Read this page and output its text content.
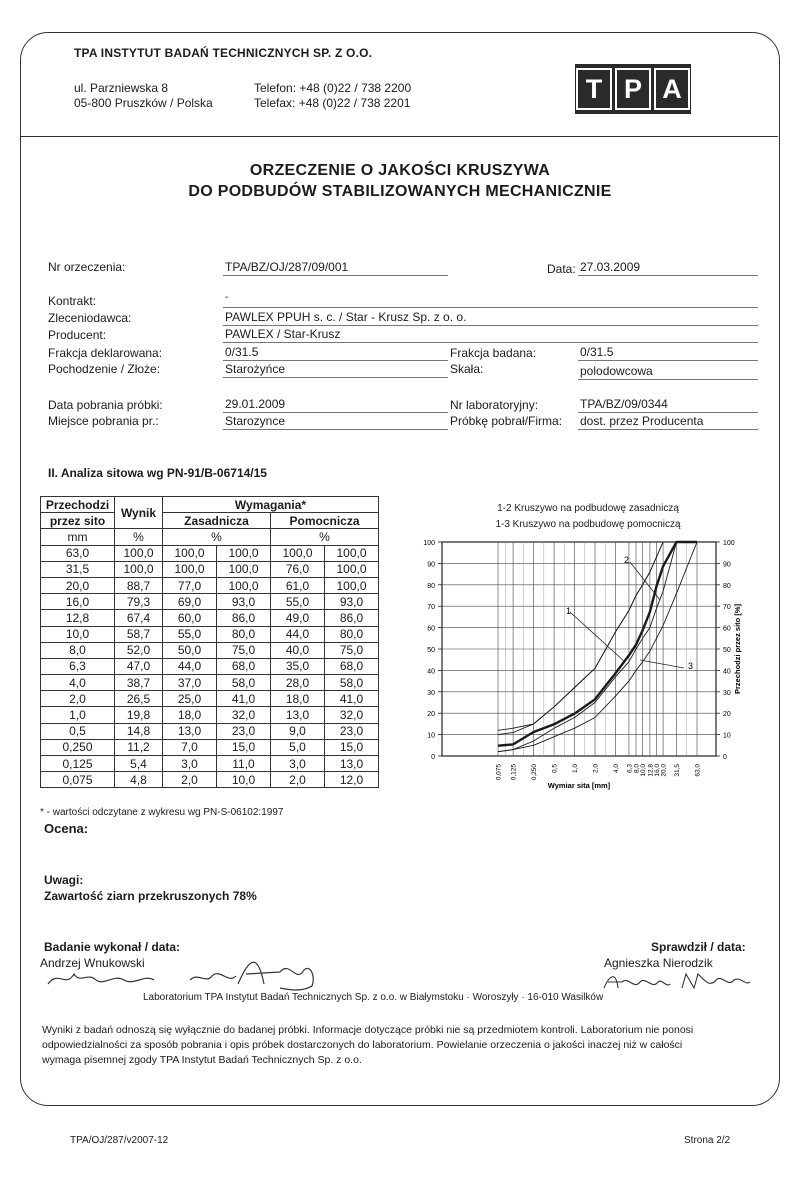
TPA INSTYTUT BADAŃ TECHNICZNYCH SP. Z O.O.
ul. Parzniewska 8
05-800 Pruszków / Polska
Telefon: +48 (0)22 / 738 2200
Telefax: +48 (0)22 / 738 2201	T P A
ORZECZENIE O JAKOŚCI KRUSZYWA
DO PODBUDÓW STABILIZOWANYCH MECHANICZNIE
Nr orzeczenia:	TPA/BZ/OJ/287/09/001	Data: 27.03.2009
Kontrakt:	-
Zleceniodawca:	PAWLEX PPUH s. c. / Star - Krusz Sp. z o. o.
Producent:	PAWLEX / Star-Krusz
Frakcja deklarowana:	0/31.5	Frakcja badana:	0/31.5
Pochodzenie / Złoże:	Starożyńce	Skała:	polodowcowa
Data pobrania próbki:	29.01.2009	Nr laboratoryjny:	TPA/BZ/09/0344
Miejsce pobrania pr.:	Starozynce	Próbkę pobrał/Firma: dost. przez Producenta
II. Analiza sitowa wg PN-91/B-06714/15
Przechodzi	Wynik	Wymagania*			
przez sito		Zasadnicza		Pomocnicza	
mm	%	%		%	
63,0	100,0	100,0	100,0	100,0	100,0
31,5	100,0	100,0	100,0	76,0	100,0
20,0	88,7	77,0	100,0	61,0	100,0
16,0	79,3	69,0	93,0	55,0	93,0
12,8	67,4	60,0	86,0	49,0	86,0
10,0	58,7	55,0	80,0	44,0	80,0
8,0	52,0	50,0	75,0	40,0	75,0
6,3	47,0	44,0	68,0	35,0	68,0
4,0	38,7	37,0	58,0	28,0	58,0
2,0	26,5	25,0	41,0	18,0	41,0
1,0	19,8	18,0	32,0	13,0	32,0
0,5	14,8	13,0	23,0	9,0	23,0
0,250	11,2	7,0	15,0	5,0	15,0
0,125	5,4	3,0	11,0	3,0	13,0
0,075	4,8	2,0	10,0	2,0	12,0
* - wartości odczytane z wykresu wg PN-S-06102:1997
1-2 Kruszywo na podbudowę zasadniczą
1-3 Kruszywo na podbudowę pomocniczą
0	0
10	10
20	20
30	30
40	40
50	50
60	60
70	70
80	80
90	90
100	100
0,075 0,125 0,250 0,5 1,0 2,0 4,0 6,3 8,0 10,0 12,8 16,0 20,0 31,5 63,0
Wymiar sita [mm]
Przechodzi przez sito [%]
1
2
3
Ocena:
Uwagi:
Zawartość ziarn przekruszonych 78%
Badanie wykonał / data:
Andrzej Wnukowski
Sprawdził / data:
Agnieszka Nierodzik
Laboratorium TPA Instytut Badań Technicznych Sp. z o.o. w Białymstoku · Woroszyły · 16-010 Wasilków
Wyniki z badań odnoszą się wyłącznie do badanej próbki. Informacje dotyczące próbki nie są przedmiotem kontroli. Laboratorium nie ponosi
odpowiedzialności za sposób pobrania i opis próbek dostarczonych do laboratorium. Powielanie orzeczenia o jakości inaczej niż w całości
wymaga pisemnej zgody TPA Instytut Badań Technicznych Sp. z o.o.
TPA/OJ/287/v2007-12	Strona 2/2
